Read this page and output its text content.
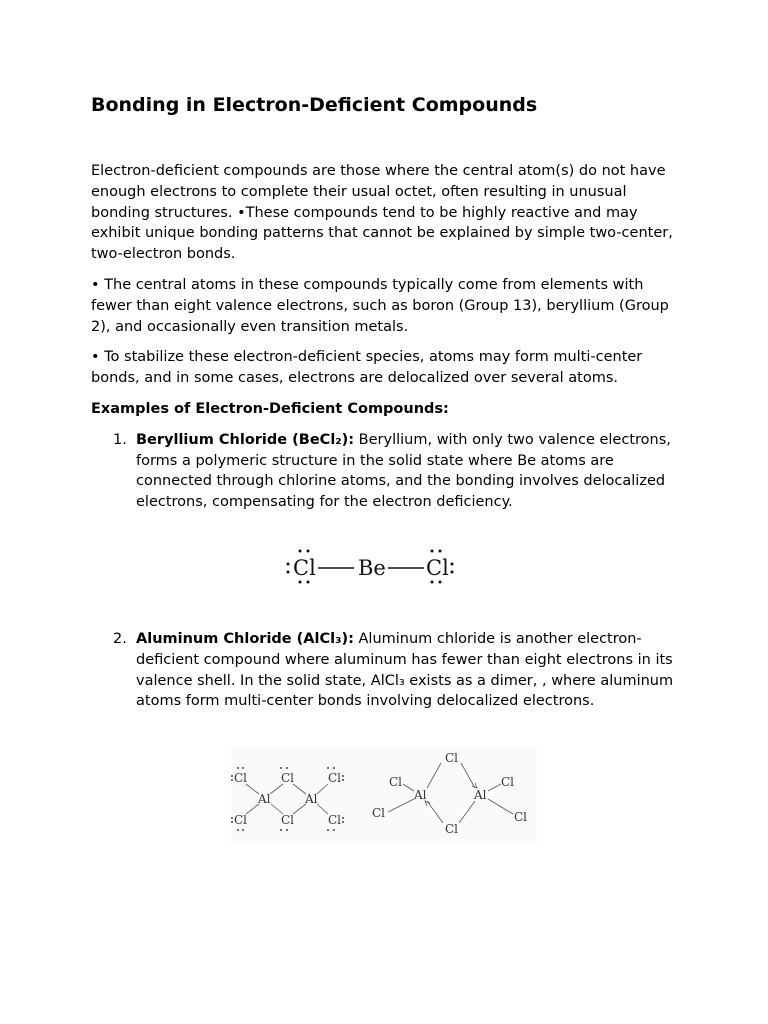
Bonding in Electron-Deficient Compounds

Electron-deficient compounds are those where the central atom(s) do not have enough electrons to complete their usual octet, often resulting in unusual bonding structures. •These compounds tend to be highly reactive and may exhibit unique bonding patterns that cannot be explained by simple two-center, two-electron bonds.

• The central atoms in these compounds typically come from elements with fewer than eight valence electrons, such as boron (Group 13), beryllium (Group 2), and occasionally even transition metals.

• To stabilize these electron-deficient species, atoms may form multi-center bonds, and in some cases, electrons are delocalized over several atoms.

Examples of Electron-Deficient Compounds:
1. Beryllium Chloride (BeCl₂): Beryllium, with only two valence electrons, forms a polymeric structure in the solid state where Be atoms are connected through chlorine atoms, and the bonding involves delocalized electrons, compensating for the electron deficiency.
Cl Be Cl
2. Aluminum Chloride (AlCl₃): Aluminum chloride is another electron-deficient compound where aluminum has fewer than eight electrons in its valence shell. In the solid state, AlCl₃ exists as a dimer, , where aluminum atoms form multi-center bonds involving delocalized electrons.
Cl	Cl	Cl
Al	Al
Cl	Cl	Cl
Cl
Cl
Al	Al
Cl
Cl
Cl
Cl
